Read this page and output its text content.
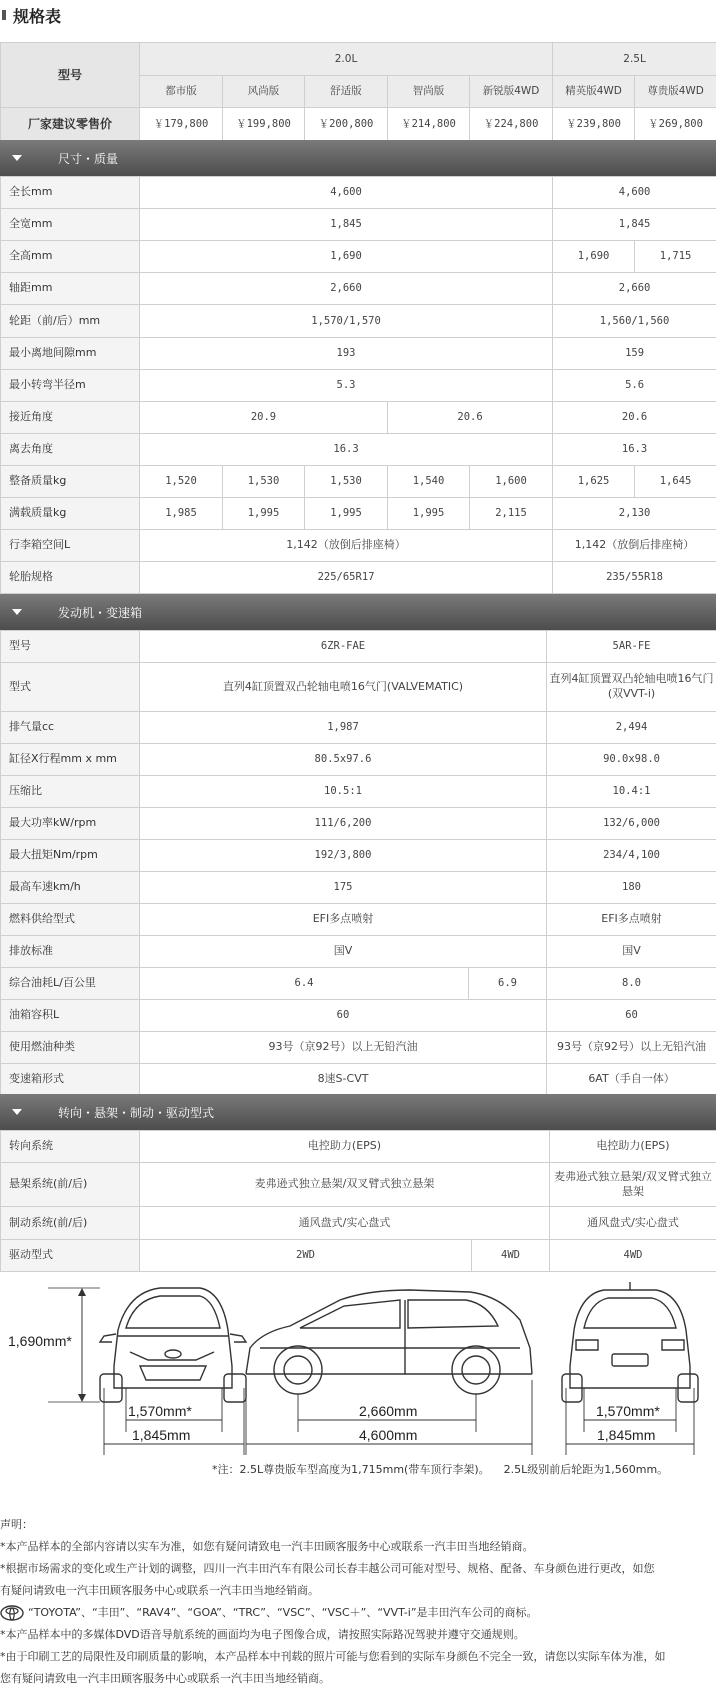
规格表
型号	2.0L					2.5L	
	都市版	风尚版	舒适版	智尚版	新锐版4WD	精英版4WD	尊贵版4WD
厂家建议零售价	￥179,800	￥199,800	￥200,800	￥214,800	￥224,800	￥239,800	￥269,800
尺寸・质量
全长mm	4,600					4,600	
全宽mm	1,845					1,845	
全高mm	1,690					1,690	1,715
轴距mm	2,660					2,660	
轮距（前/后）mm	1,570/1,570					1,560/1,560	
最小离地间隙mm	193					159	
最小转弯半径m	5.3					5.6	
接近角度	20.9			20.6		20.6	
离去角度	16.3					16.3	
整备质量kg	1,520	1,530	1,530	1,540	1,600	1,625	1,645
满载质量kg	1,985	1,995	1,995	1,995	2,115	2,130	
行李箱空间L	1,142（放倒后排座椅）					1,142（放倒后排座椅）	
轮胎规格	225/65R17					235/55R18	
发动机・变速箱
型号	6ZR-FAE		5AR-FE
型式	直列4缸顶置双凸轮轴电喷16气门(VALVEMATIC)		直列4缸顶置双凸轮轴电喷16气门(双VVT-i)
排气量cc	1,987		2,494
缸径X行程mm x mm	80.5x97.6		90.0x98.0
压缩比	10.5:1		10.4:1
最大功率kW/rpm	111/6,200		132/6,000
最大扭矩Nm/rpm	192/3,800		234/4,100
最高车速km/h	175		180
燃料供给型式	EFI多点喷射		EFI多点喷射
排放标准	国Ⅴ		国Ⅴ
综合油耗L/百公里	6.4	6.9	8.0
油箱容积L	60		60
使用燃油种类	93号（京92号）以上无铅汽油		93号（京92号）以上无铅汽油
变速箱形式	8速S-CVT		6AT（手自一体）
转向・悬架・制动・驱动型式
转向系统	电控助力(EPS)		电控助力(EPS)
悬架系统(前/后)	麦弗逊式独立悬架/双叉臂式独立悬架		麦弗逊式独立悬架/双叉臂式独立悬架
制动系统(前/后)	通风盘式/实心盘式		通风盘式/实心盘式
驱动型式	2WD	4WD	4WD
1,690mm*
1,570mm*
1,845mm
2,660mm
4,600mm
1,570mm*
1,845mm
*注：2.5L尊贵版车型高度为1,715mm(带车顶行李架)。    2.5L级别前后轮距为1,560mm。
声明：
*本产品样本的全部内容请以实车为准，如您有疑问请致电一汽丰田顾客服务中心或联系一汽丰田当地经销商。
*根据市场需求的变化或生产计划的调整，四川一汽丰田汽车有限公司长春丰越公司可能对型号、规格、配备、车身颜色进行更改，如您
有疑问请致电一汽丰田顾客服务中心或联系一汽丰田当地经销商。
“TOYOTA”、“丰田”、“RAV4”、“GOA”、“TRC”、“VSC”、“VSC＋”、“VVT-i”是丰田汽车公司的商标。
*本产品样本中的多媒体DVD语音导航系统的画面均为电子图像合成，请按照实际路况驾驶并遵守交通规则。
*由于印刷工艺的局限性及印刷质量的影响，本产品样本中刊载的照片可能与您看到的实际车身颜色不完全一致，请您以实际车体为准，如
您有疑问请致电一汽丰田顾客服务中心或联系一汽丰田当地经销商。
